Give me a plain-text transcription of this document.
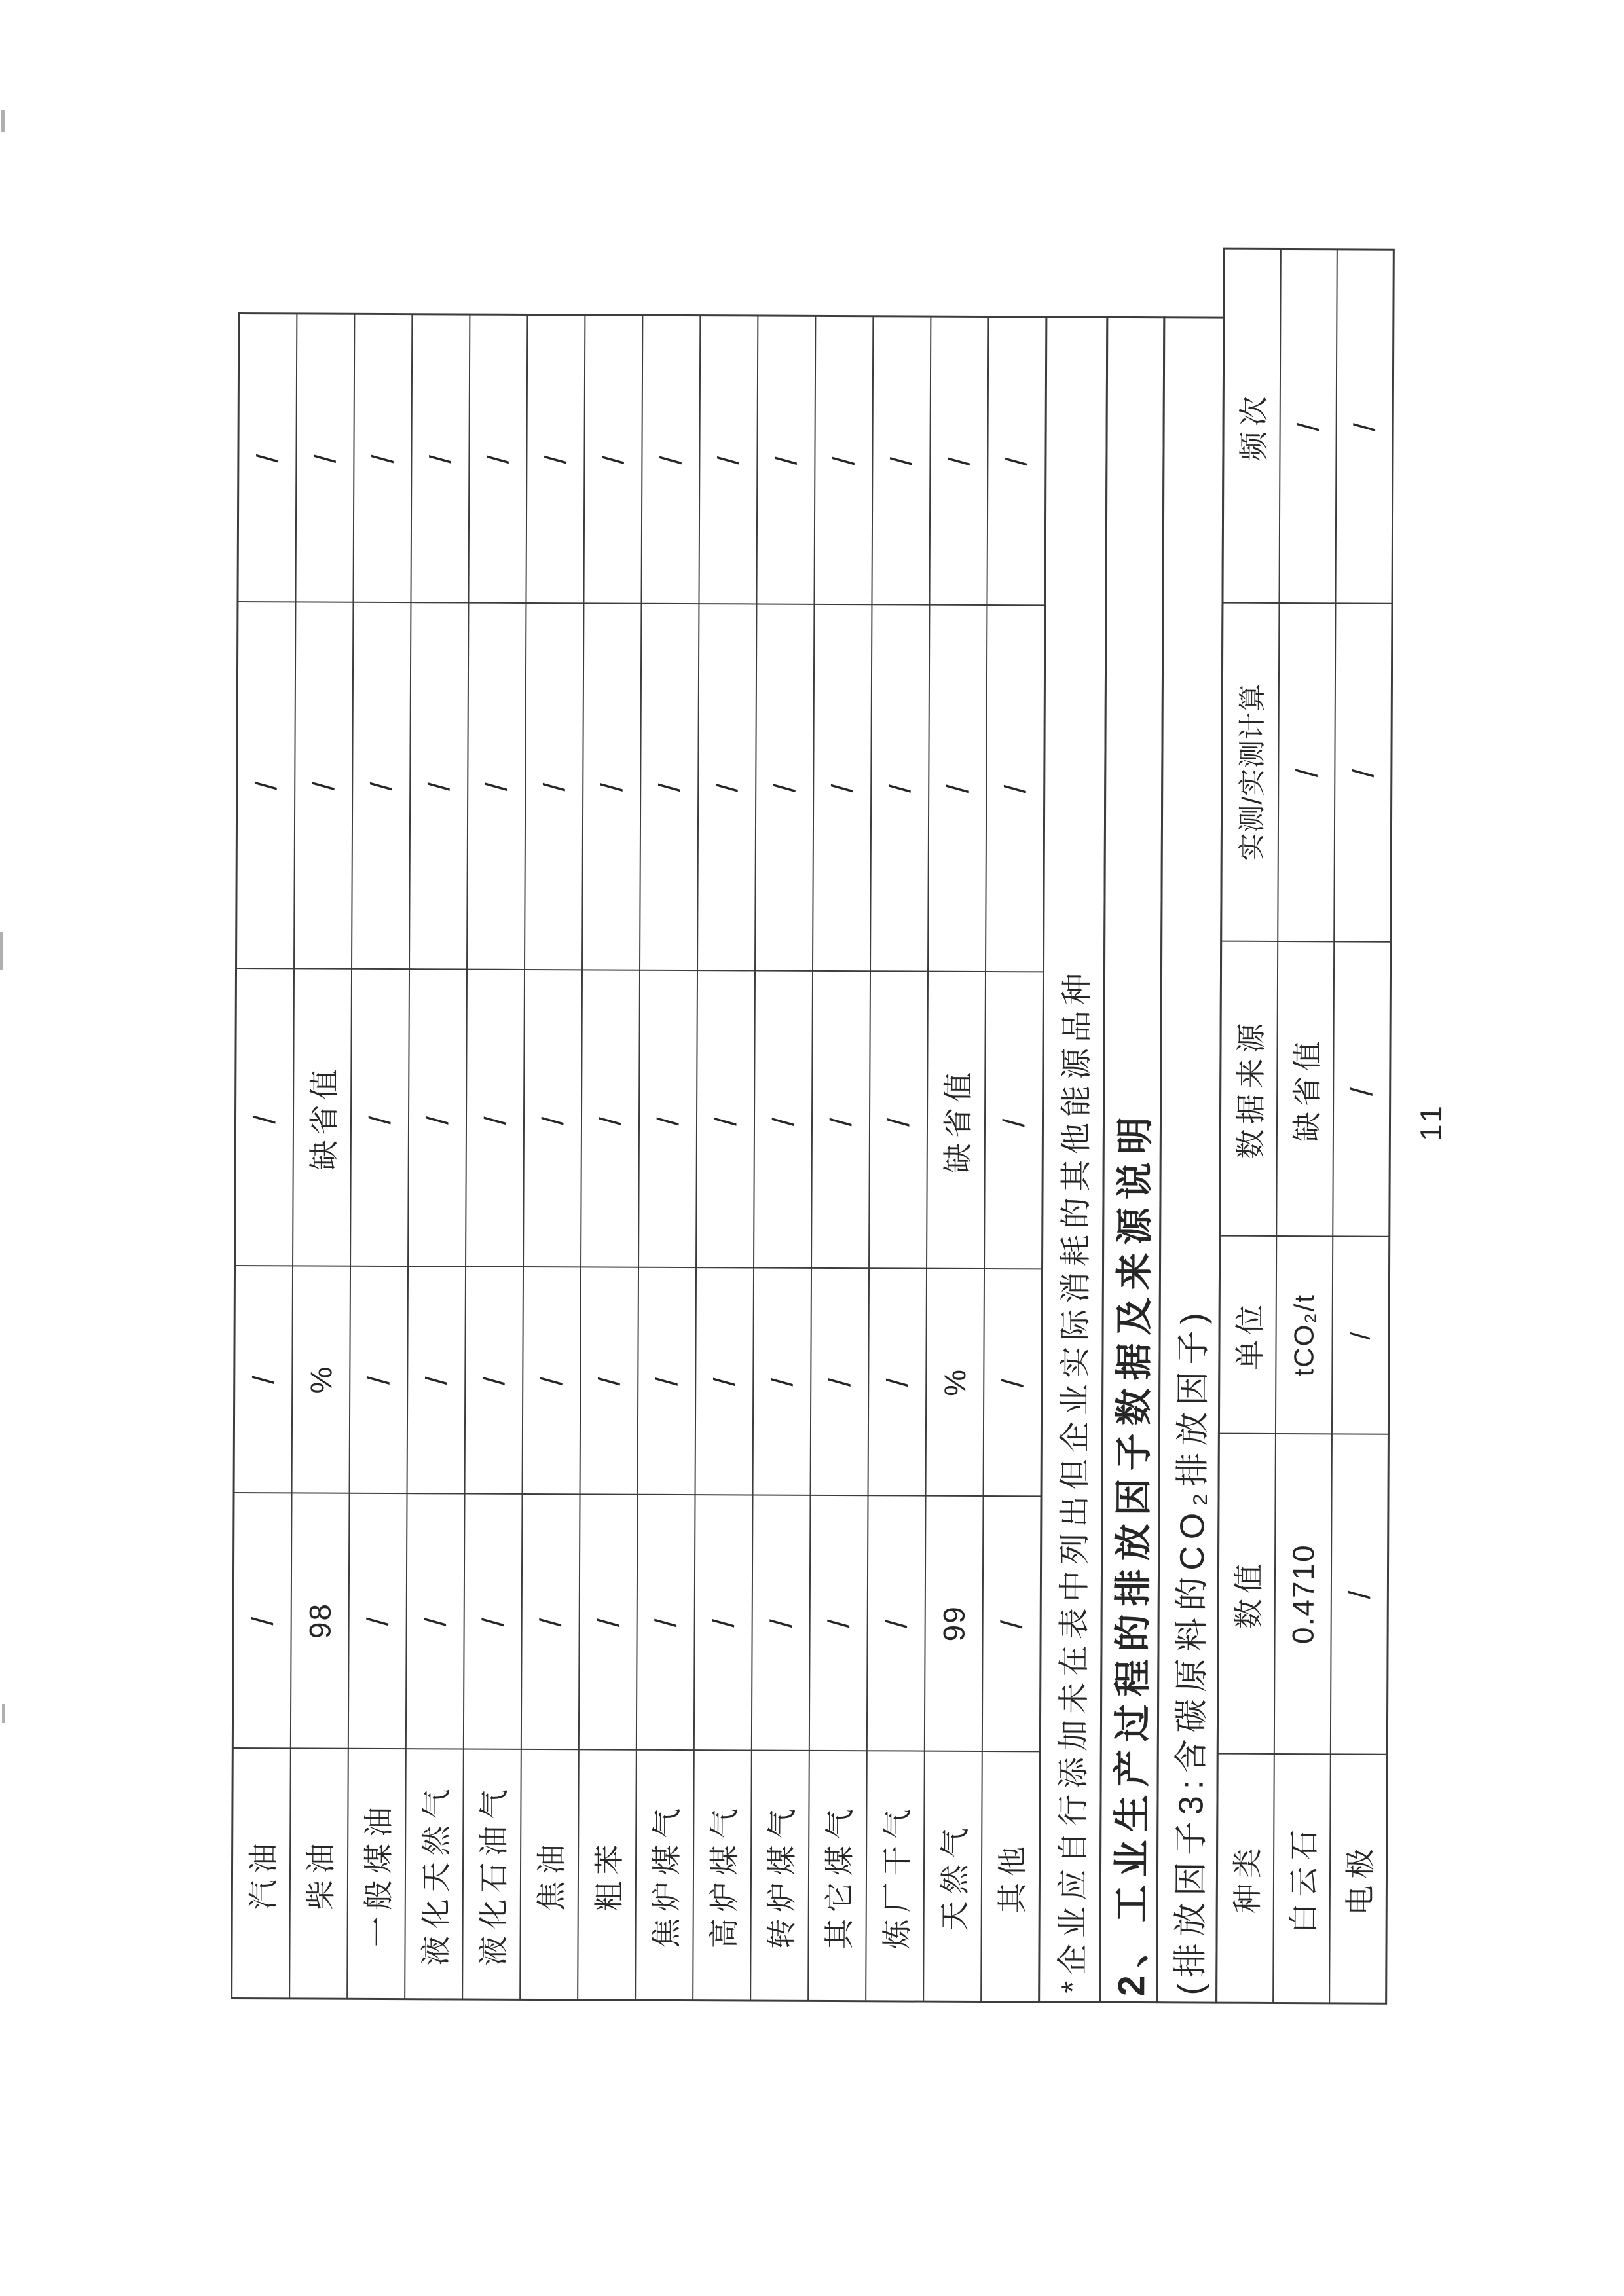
汽油
/
/
/
/
/
柴油
98
%
缺省值
/
/
一般煤油
/
/
/
/
/
液化天然气
/
/
/
/
/
液化石油气
/
/
/
/
/
焦油
/
/
/
/
/
粗苯
/
/
/
/
/
焦炉煤气
/
/
/
/
/
高炉煤气
/
/
/
/
/
转炉煤气
/
/
/
/
/
其它煤气
/
/
/
/
/
炼厂干气
/
/
/
/
/
天然气
99
%
缺省值
/
/
其他
/
/
/
/
/
*企业应自行添加未在表中列出但企业实际消耗的其他能源品种 2、工业生产过程的排放因子数据及来源说明 (排放因子3:含碳原料的CO₂排放因子) 种类
数值
单位
数据来源
实测/实测计算
频次
白云石
0.4710
tCO₂/t
缺省值
/
/
电极
/
/
/
/
/
11
